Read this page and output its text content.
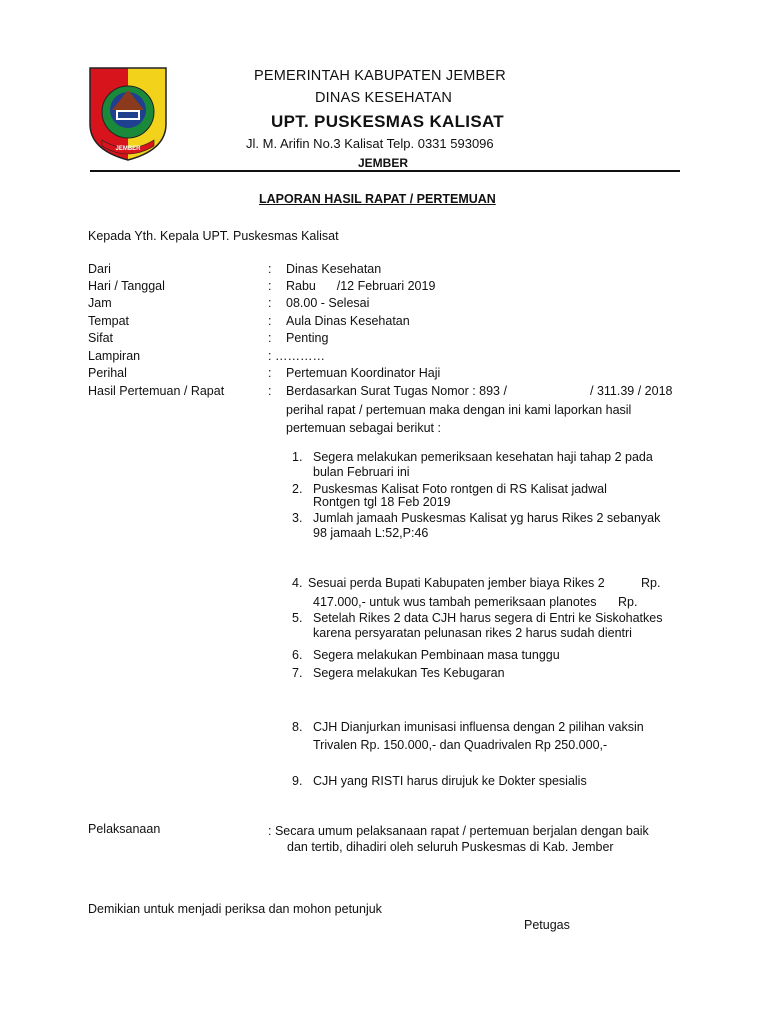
JEMBER
PEMERINTAH KABUPATEN JEMBER
DINAS KESEHATAN
UPT. PUSKESMAS KALISAT
Jl. M. Arifin No.3 Kalisat Telp. 0331 593096
JEMBER
LAPORAN HASIL RAPAT / PERTEMUAN
Kepada Yth. Kepala UPT. Puskesmas Kalisat
Dari	: Dinas Kesehatan
Hari / Tanggal	: Rabu      /12 Februari 2019
Jam	: 08.00 - Selesai
Tempat	: Aula Dinas Kesehatan
Sifat	: Penting
Lampiran	: …………
Perihal	: Pertemuan Koordinator Haji
Hasil Pertemuan / Rapat	: Berdasarkan Surat Tugas Nomor : 893 /	/ 311.39 / 2018
perihal rapat / pertemuan maka dengan ini kami laporkan hasil
pertemuan sebagai berikut :
1. Segera melakukan pemeriksaan kesehatan haji tahap 2 pada
bulan Februari ini
2. Puskesmas Kalisat Foto rontgen di RS Kalisat jadwal
Rontgen tgl 18 Feb 2019
3. Jumlah jamaah Puskesmas Kalisat yg harus Rikes 2 sebanyak
98 jamaah L:52,P:46
4. Sesuai perda Bupati Kabupaten jember biaya Rikes 2	Rp.
417.000,- untuk wus tambah pemeriksaan planotes Rp.
5. Setelah Rikes 2 data CJH harus segera di Entri ke Siskohatkes
karena persyaratan pelunasan rikes 2 harus sudah dientri
6. Segera melakukan Pembinaan masa tunggu
7. Segera melakukan Tes Kebugaran
8. CJH Dianjurkan imunisasi influensa dengan 2 pilihan vaksin
Trivalen Rp. 150.000,- dan Quadrivalen Rp 250.000,-
9. CJH yang RISTI harus dirujuk ke Dokter spesialis
Pelaksanaan	: Secara umum pelaksanaan rapat / pertemuan berjalan dengan baik
dan tertib, dihadiri oleh seluruh Puskesmas di Kab. Jember
Demikian untuk menjadi periksa dan mohon petunjuk
Petugas
